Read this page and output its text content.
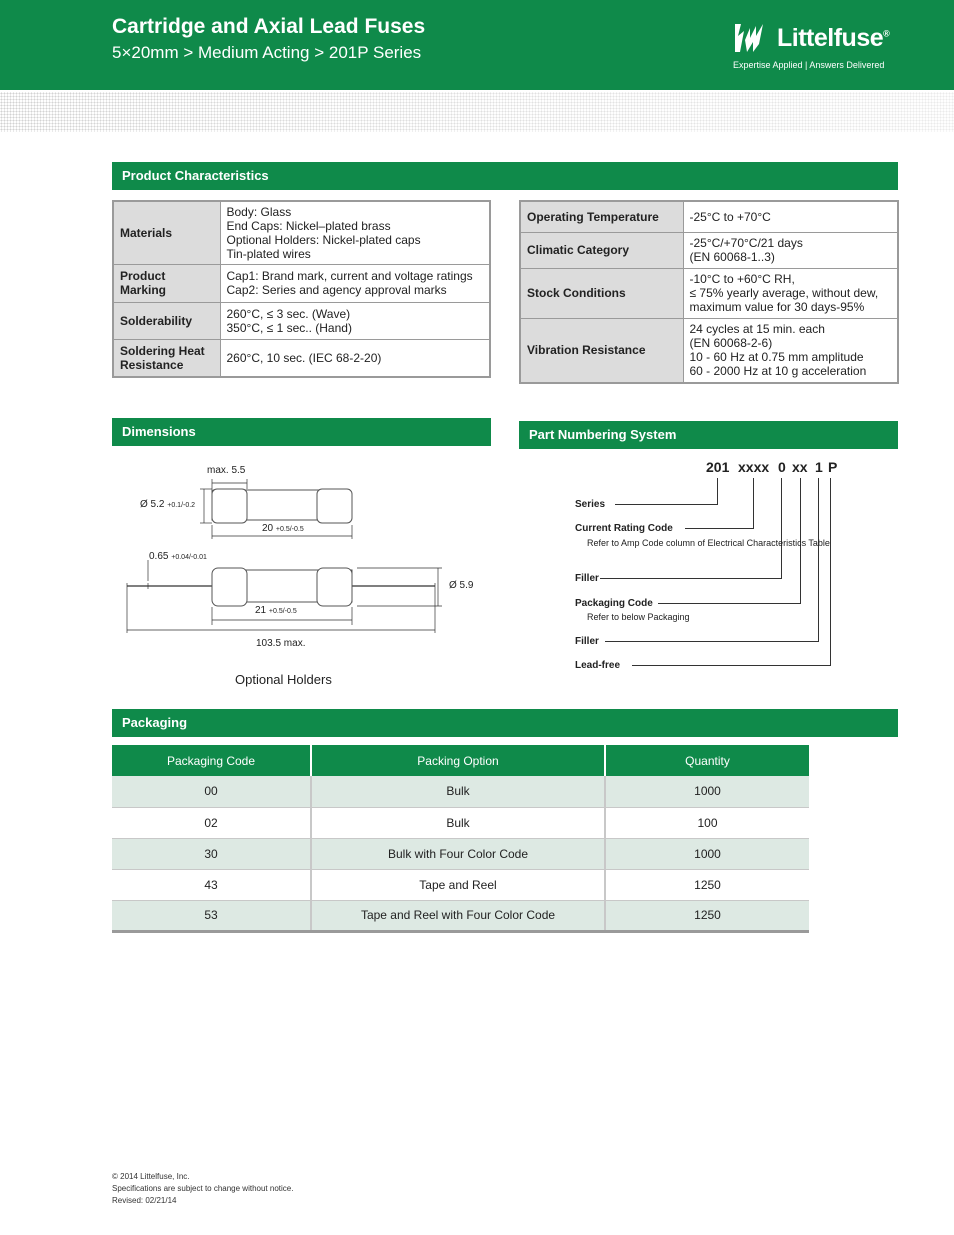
Cartridge and Axial Lead Fuses
5×20mm > Medium Acting > 201P Series
Littelfuse®
Expertise Applied | Answers Delivered
Product Characteristics
Materials	Body: Glass
End Caps: Nickel–plated brass
Optional Holders: Nickel-plated caps
Tin-plated wires
Product Marking	Cap1: Brand mark, current and voltage ratings
Cap2: Series and agency approval marks
Solderability	260°C, ≤ 3 sec. (Wave)
350°C, ≤ 1 sec.. (Hand)
Soldering Heat Resistance	260°C, 10 sec. (IEC 68-2-20)
Operating Temperature	-25°C to +70°C
Climatic Category	-25°C/+70°C/21 days
(EN 60068-1..3)
Stock Conditions	-10°C to +60°C RH,
≤ 75% yearly average, without dew,
maximum value for 30 days-95%
Vibration Resistance	24 cycles at 15 min. each
(EN 60068-2-6)
10 - 60 Hz at 0.75 mm amplitude
60 - 2000 Hz at 10 g acceleration
Dimensions
max. 5.5
Ø 5.2 +0.1/-0.2
20 +0.5/-0.5
0.65 +0.04/-0.01
Ø 5.9
21 +0.5/-0.5
103.5 max.
Optional Holders
Part Numbering System
201 xxxx 0 xx 1 P
Series
Current Rating Code
Refer to Amp Code column of Electrical Characteristics Table
Filler
Packaging Code
Refer to below Packaging
Filler
Lead-free
Packaging
Packaging Code	Packing Option	Quantity
00	Bulk	1000
02	Bulk	100
30	Bulk with Four Color Code	1000
43	Tape and Reel	1250
53	Tape and Reel with Four Color Code	1250
© 2014 Littelfuse, Inc.
Specifications are subject to change without notice.
Revised: 02/21/14
